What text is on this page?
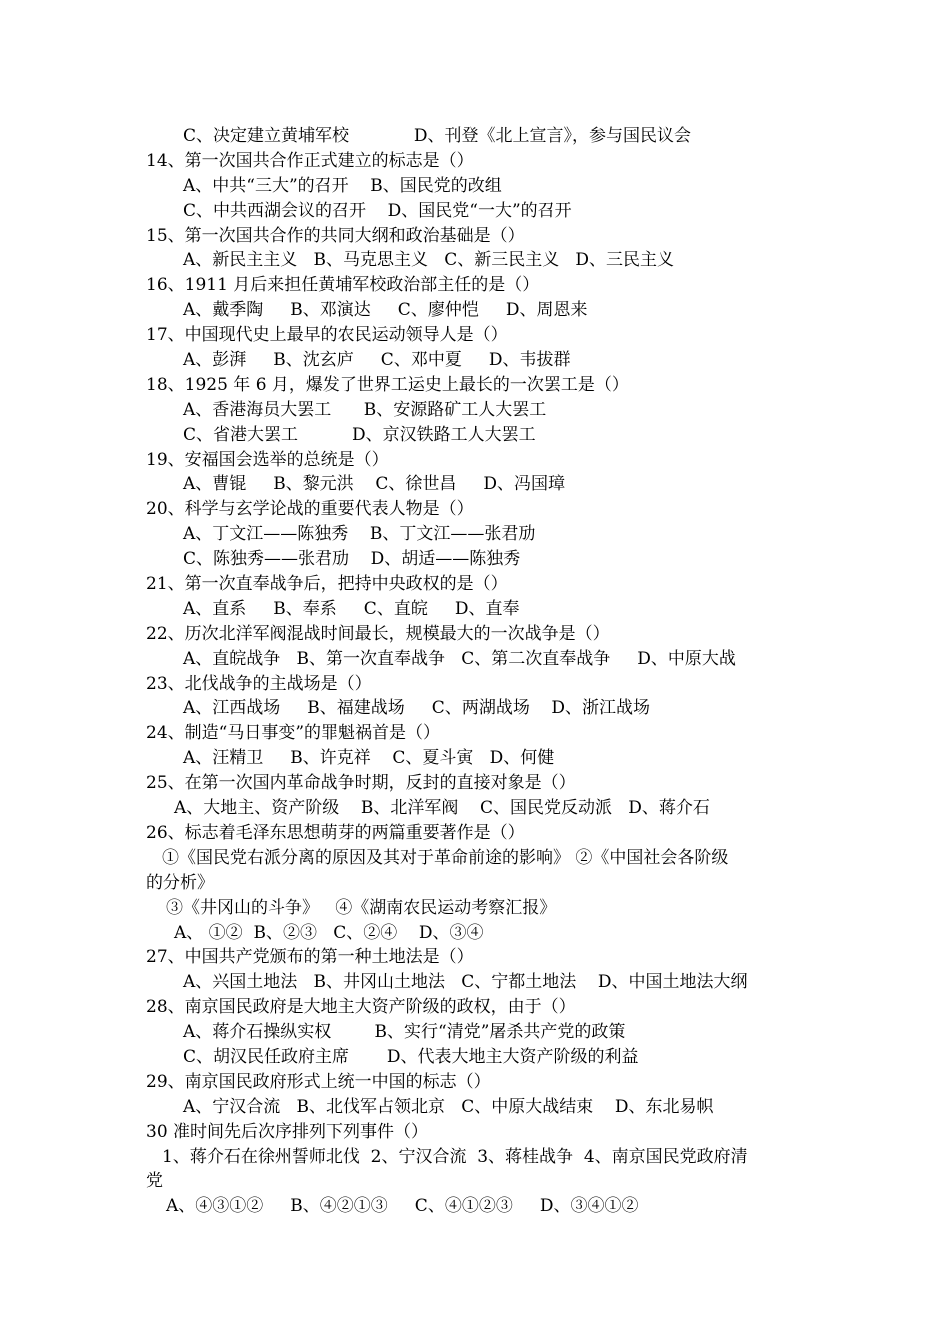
C、决定建立黄埔军校            D、刊登《北上宣言》，参与国民议会
14、第一次国共合作正式建立的标志是（）
A、中共“三大”的召开    B、国民党的改组
C、中共西湖会议的召开    D、国民党“一大”的召开
15、第一次国共合作的共同大纲和政治基础是（）
A、新民主主义   B、马克思主义   C、新三民主义   D、三民主义
16、1911 月后来担任黄埔军校政治部主任的是（）
A、戴季陶     B、邓演达     C、廖仲恺     D、周恩来
17、中国现代史上最早的农民运动领导人是（）
A、彭湃     B、沈玄庐     C、邓中夏     D、韦拔群
18、1925 年 6 月，爆发了世界工运史上最长的一次罢工是（）
A、香港海员大罢工      B、安源路矿工人大罢工
C、省港大罢工          D、京汉铁路工人大罢工
19、安福国会选举的总统是（）
A、曹锟     B、黎元洪    C、徐世昌     D、冯国璋
20、科学与玄学论战的重要代表人物是（）
A、丁文江——陈独秀    B、丁文江——张君劢
C、陈独秀——张君劢    D、胡适——陈独秀
21、第一次直奉战争后，把持中央政权的是（）
A、直系     B、奉系     C、直皖     D、直奉
22、历次北洋军阀混战时间最长，规模最大的一次战争是（）
A、直皖战争   B、第一次直奉战争   C、第二次直奉战争     D、中原大战
23、北伐战争的主战场是（）
A、江西战场     B、福建战场     C、两湖战场    D、浙江战场
24、制造“马日事变”的罪魁祸首是（）
A、汪精卫     B、许克祥    C、夏斗寅   D、何健
25、在第一次国内革命战争时期，反封的直接对象是（）
A、大地主、资产阶级    B、北洋军阀    C、国民党反动派   D、蒋介石
26、标志着毛泽东思想萌芽的两篇重要著作是（）
①《国民党右派分离的原因及其对于革命前途的影响》 ②《中国社会各阶级
的分析》
③《井冈山的斗争》   ④《湖南农民运动考察汇报》
A、 ①②  B、②③   C、②④    D、③④
27、中国共产党颁布的第一种土地法是（）
A、兴国土地法   B、井冈山土地法   C、宁都土地法    D、中国土地法大纲
28、南京国民政府是大地主大资产阶级的政权，由于（）
A、蒋介石操纵实权        B、实行“清党”屠杀共产党的政策
C、胡汉民任政府主席       D、代表大地主大资产阶级的利益
29、南京国民政府形式上统一中国的标志（）
A、宁汉合流   B、北伐军占领北京   C、中原大战结束    D、东北易帜
30 准时间先后次序排列下列事件（）
1、蒋介石在徐州誓师北伐  2、宁汉合流  3、蒋桂战争  4、南京国民党政府清
党
A、④③①②     B、④②①③     C、④①②③     D、③④①②
